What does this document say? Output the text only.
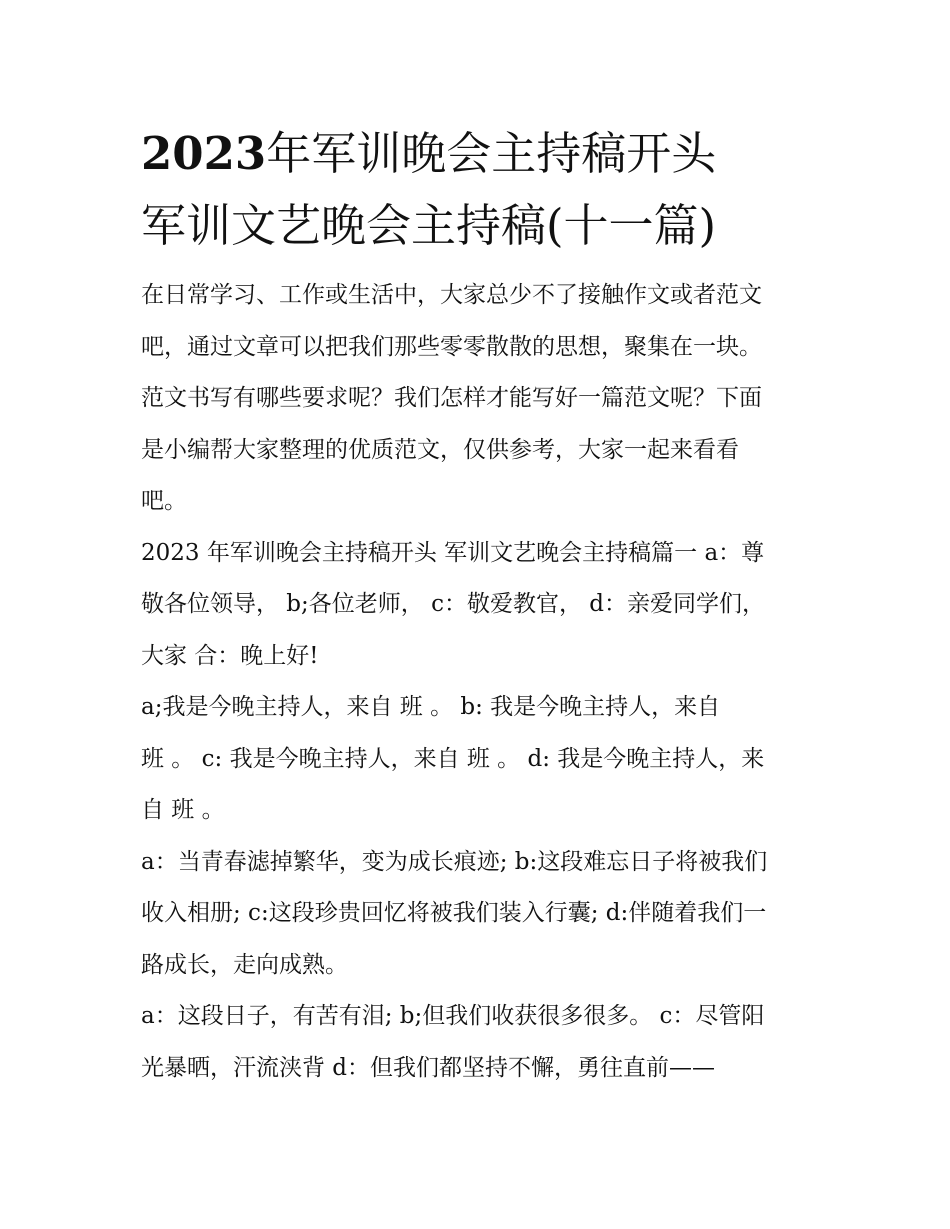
2023年军训晚会主持稿开头
军训文艺晚会主持稿(十一篇)

在日常学习、工作或生活中，大家总少不了接触作文或者范文
吧，通过文章可以把我们那些零零散散的思想，聚集在一块。
范文书写有哪些要求呢？我们怎样才能写好一篇范文呢？下面
是小编帮大家整理的优质范文，仅供参考，大家一起来看看
吧。

2023 年军训晚会主持稿开头 军训文艺晚会主持稿篇一 a：尊
敬各位领导， b;各位老师， c：敬爱教官， d：亲爱同学们，
大家 合：晚上好!

a;我是今晚主持人，来自 班 。 b: 我是今晚主持人，来自
班 。 c: 我是今晚主持人，来自 班 。 d: 我是今晚主持人，来
自 班 。

a：当青春滤掉繁华，变为成长痕迹; b:这段难忘日子将被我们
收入相册; c:这段珍贵回忆将被我们装入行囊; d:伴随着我们一
路成长，走向成熟。

a：这段日子，有苦有泪; b;但我们收获很多很多。 c：尽管阳
光暴晒，汗流浃背 d：但我们都坚持不懈，勇往直前——
